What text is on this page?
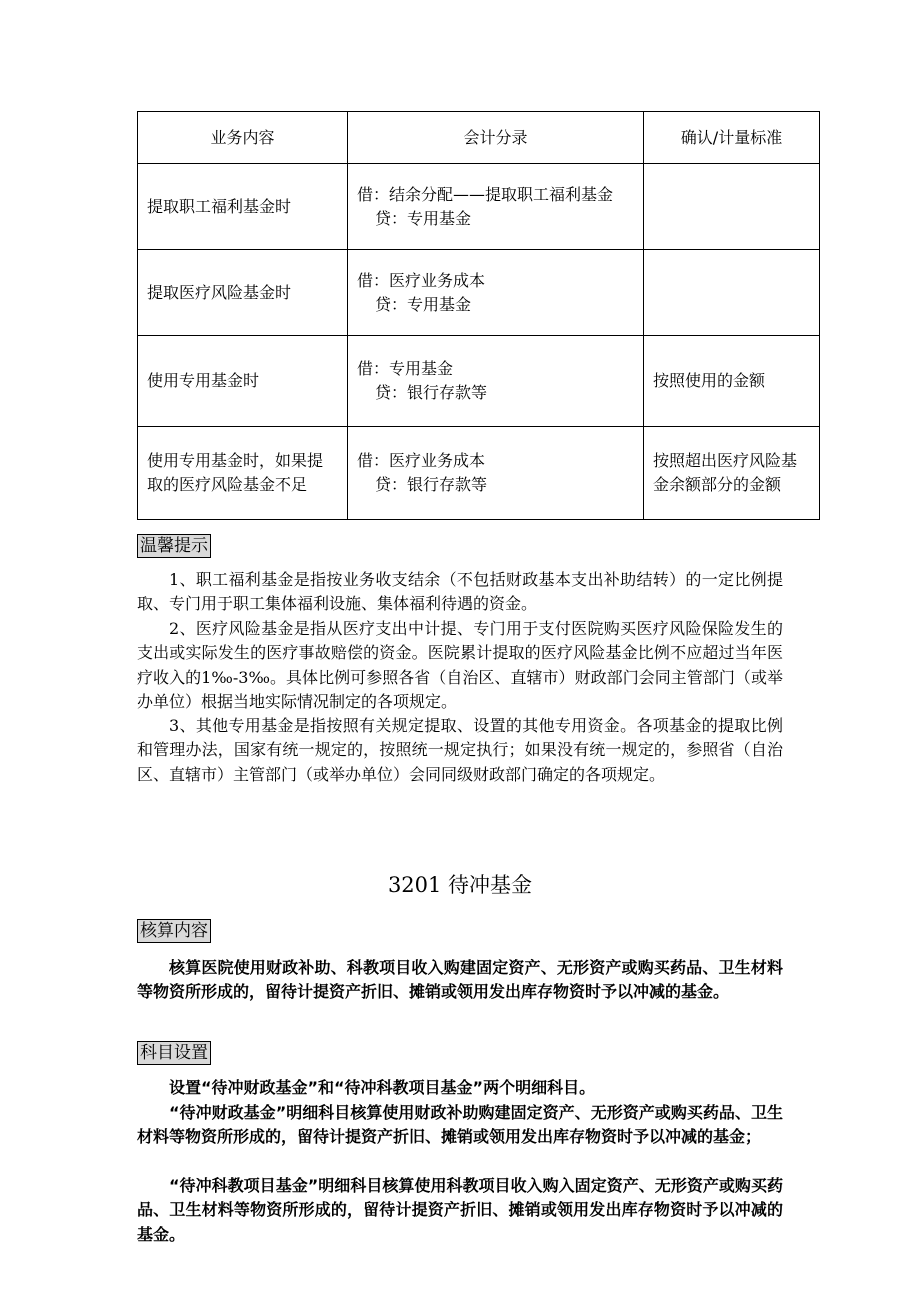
业务内容	会计分录	确认/计量标准
提取职工福利基金时	借：结余分配——提取职工福利基金
贷：专用基金	

提取医疗风险基金时	借：医疗业务成本
贷：专用基金	

使用专用基金时	借：专用基金
贷：银行存款等	按照使用的金额
使用专用基金时，如果提取的医疗风险基金不足	借：医疗业务成本
贷：银行存款等	按照超出医疗风险基金余额部分的金额
温馨提示

1、职工福利基金是指按业务收支结余（不包括财政基本支出补助结转）的一定比例提取、专门用于职工集体福利设施、集体福利待遇的资金。

2、医疗风险基金是指从医疗支出中计提、专门用于支付医院购买医疗风险保险发生的支出或实际发生的医疗事故赔偿的资金。医院累计提取的医疗风险基金比例不应超过当年医疗收入的1‰-3‰。具体比例可参照各省（自治区、直辖市）财政部门会同主管部门（或举办单位）根据当地实际情况制定的各项规定。

3、其他专用基金是指按照有关规定提取、设置的其他专用资金。各项基金的提取比例和管理办法，国家有统一规定的，按照统一规定执行；如果没有统一规定的，参照省（自治区、直辖市）主管部门（或举办单位）会同同级财政部门确定的各项规定。

3201 待冲基金
核算内容

核算医院使用财政补助、科教项目收入购建固定资产、无形资产或购买药品、卫生材料等物资所形成的，留待计提资产折旧、摊销或领用发出库存物资时予以冲减的基金。

科目设置

设置“待冲财政基金”和“待冲科教项目基金”两个明细科目。

“待冲财政基金”明细科目核算使用财政补助购建固定资产、无形资产或购买药品、卫生材料等物资所形成的，留待计提资产折旧、摊销或领用发出库存物资时予以冲减的基金；

“待冲科教项目基金”明细科目核算使用科教项目收入购入固定资产、无形资产或购买药品、卫生材料等物资所形成的，留待计提资产折旧、摊销或领用发出库存物资时予以冲减的基金。
